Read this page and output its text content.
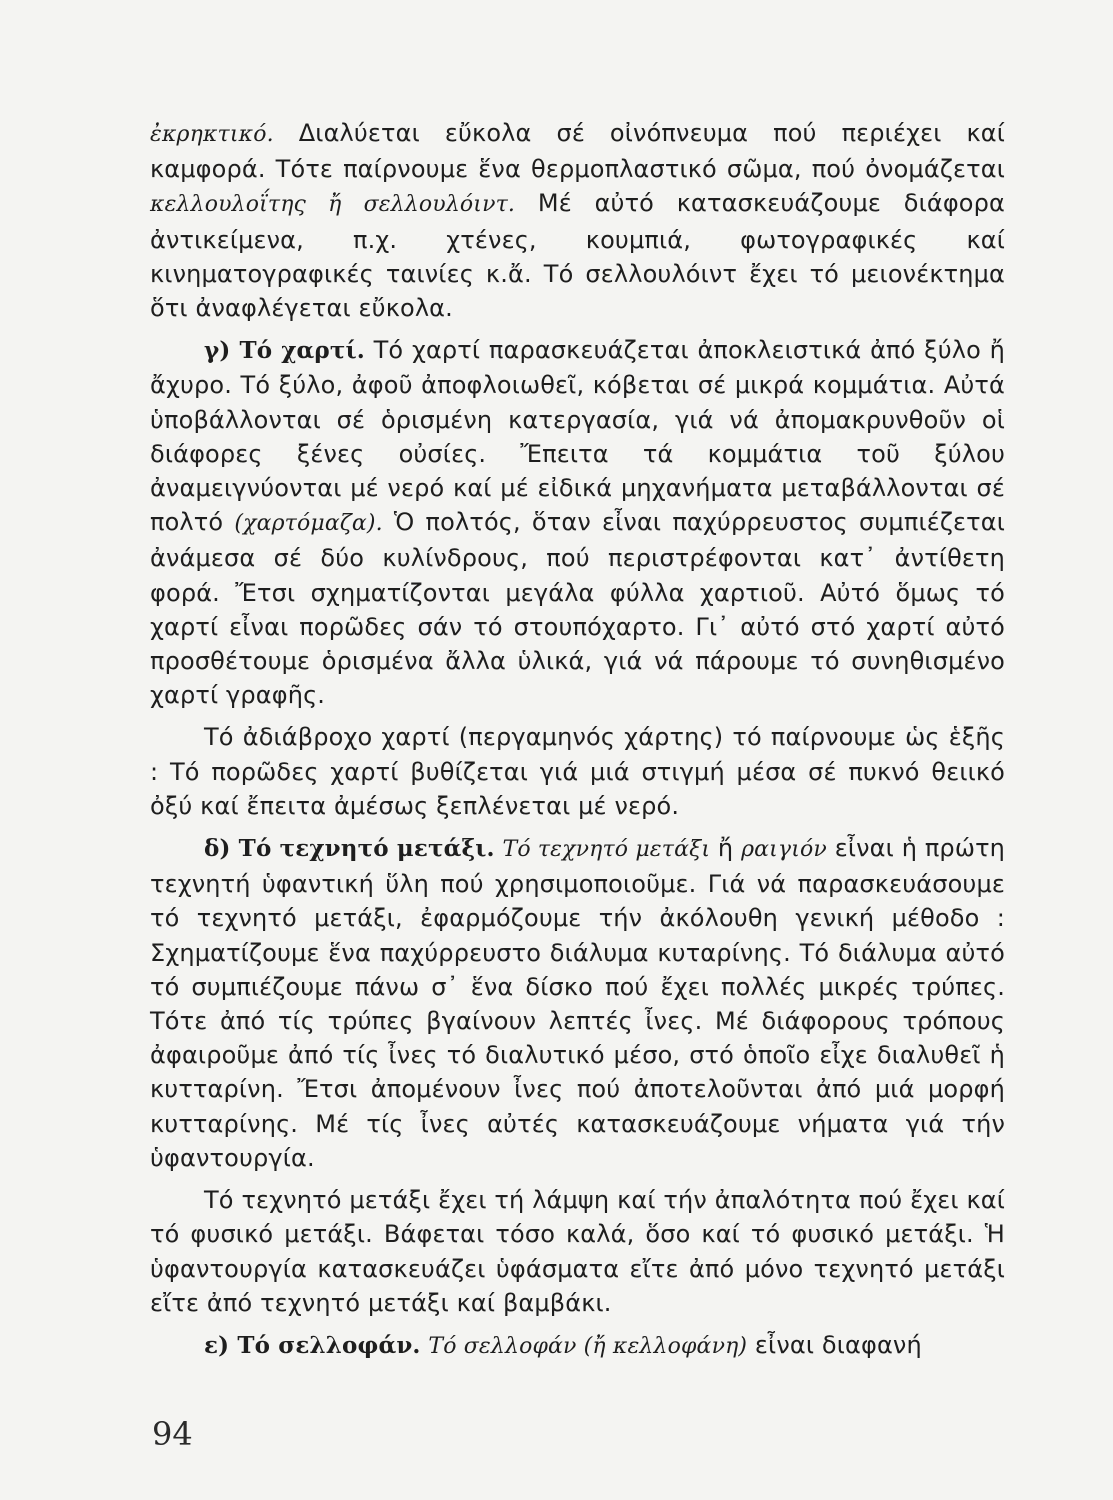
ἐκρηκτικό. Διαλύεται εὔκολα σέ οἰνόπνευμα πού περιέχει καί καμφορά. Τότε παίρνουμε ἕνα θερμοπλαστικό σῶμα, πού ὀνομάζεται κελλουλοΐτης ἤ σελλουλόιντ. Μέ αὐτό κατασκευάζουμε διάφορα ἀντικείμενα, π.χ. χτένες, κουμπιά, φωτογραφικές καί κινηματογραφικές ταινίες κ.ἄ. Τό σελλουλόιντ ἔχει τό μειονέκτημα ὅτι ἀναφλέγεται εὔκολα.

γ) Τό χαρτί. Τό χαρτί παρασκευάζεται ἀποκλειστικά ἀπό ξύλο ἤ ἄχυρο. Τό ξύλο, ἀφοῦ ἀποφλοιωθεῖ, κόβεται σέ μικρά κομμάτια. Αὐτά ὑποβάλλονται σέ ὁρισμένη κατεργασία, γιά νά ἀπομακρυνθοῦν οἱ διάφορες ξένες οὐσίες. Ἔπειτα τά κομμάτια τοῦ ξύλου ἀναμειγνύονται μέ νερό καί μέ εἰδικά μηχανήματα μεταβάλλονται σέ πολτό (χαρτόμαζα). Ὁ πολτός, ὅταν εἶναι παχύρρευστος συμπιέζεται ἀνάμεσα σέ δύο κυλίνδρους, πού περιστρέφονται κατ᾽ ἀντίθετη φορά. Ἔτσι σχηματίζονται μεγάλα φύλλα χαρτιοῦ. Αὐτό ὅμως τό χαρτί εἶναι πορῶδες σάν τό στουπόχαρτο. Γι᾽ αὐτό στό χαρτί αὐτό προσθέτουμε ὁρισμένα ἄλλα ὑλικά, γιά νά πάρουμε τό συνηθισμένο χαρτί γραφῆς.

Τό ἀδιάβροχο χαρτί (περγαμηνός χάρτης) τό παίρνουμε ὡς ἑξῆς : Τό πορῶδες χαρτί βυθίζεται γιά μιά στιγμή μέσα σέ πυκνό θειικό ὀξύ καί ἔπειτα ἀμέσως ξεπλένεται μέ νερό.

δ) Τό τεχνητό μετάξι. Τό τεχνητό μετάξι ἤ ραιγιόν εἶναι ἡ πρώτη τεχνητή ὑφαντική ὕλη πού χρησιμοποιοῦμε. Γιά νά παρασκευάσουμε τό τεχνητό μετάξι, ἐφαρμόζουμε τήν ἀκόλουθη γενική μέθοδο : Σχηματίζουμε ἕνα παχύρρευστο διάλυμα κυταρίνης. Τό διάλυμα αὐτό τό συμπιέζουμε πάνω σ᾽ ἕνα δίσκο πού ἔχει πολλές μικρές τρύπες. Τότε ἀπό τίς τρύπες βγαίνουν λεπτές ἶνες. Μέ διάφορους τρόπους ἀφαιροῦμε ἀπό τίς ἶνες τό διαλυτικό μέσο, στό ὁποῖο εἶχε διαλυθεῖ ἡ κυτταρίνη. Ἔτσι ἀπομένουν ἶνες πού ἀποτελοῦνται ἀπό μιά μορφή κυτταρίνης. Μέ τίς ἶνες αὐτές κατασκευάζουμε νήματα γιά τήν ὑφαντουργία.

Τό τεχνητό μετάξι ἔχει τή λάμψη καί τήν ἀπαλότητα πού ἔχει καί τό φυσικό μετάξι. Βάφεται τόσο καλά, ὅσο καί τό φυσικό μετάξι. Ἡ ὑφαντουργία κατασκευάζει ὑφάσματα εἴτε ἀπό μόνο τεχνητό μετάξι εἴτε ἀπό τεχνητό μετάξι καί βαμβάκι.

ε) Τό σελλοφάν. Τό σελλοφάν (ἤ κελλοφάνη) εἶναι διαφανή

94
